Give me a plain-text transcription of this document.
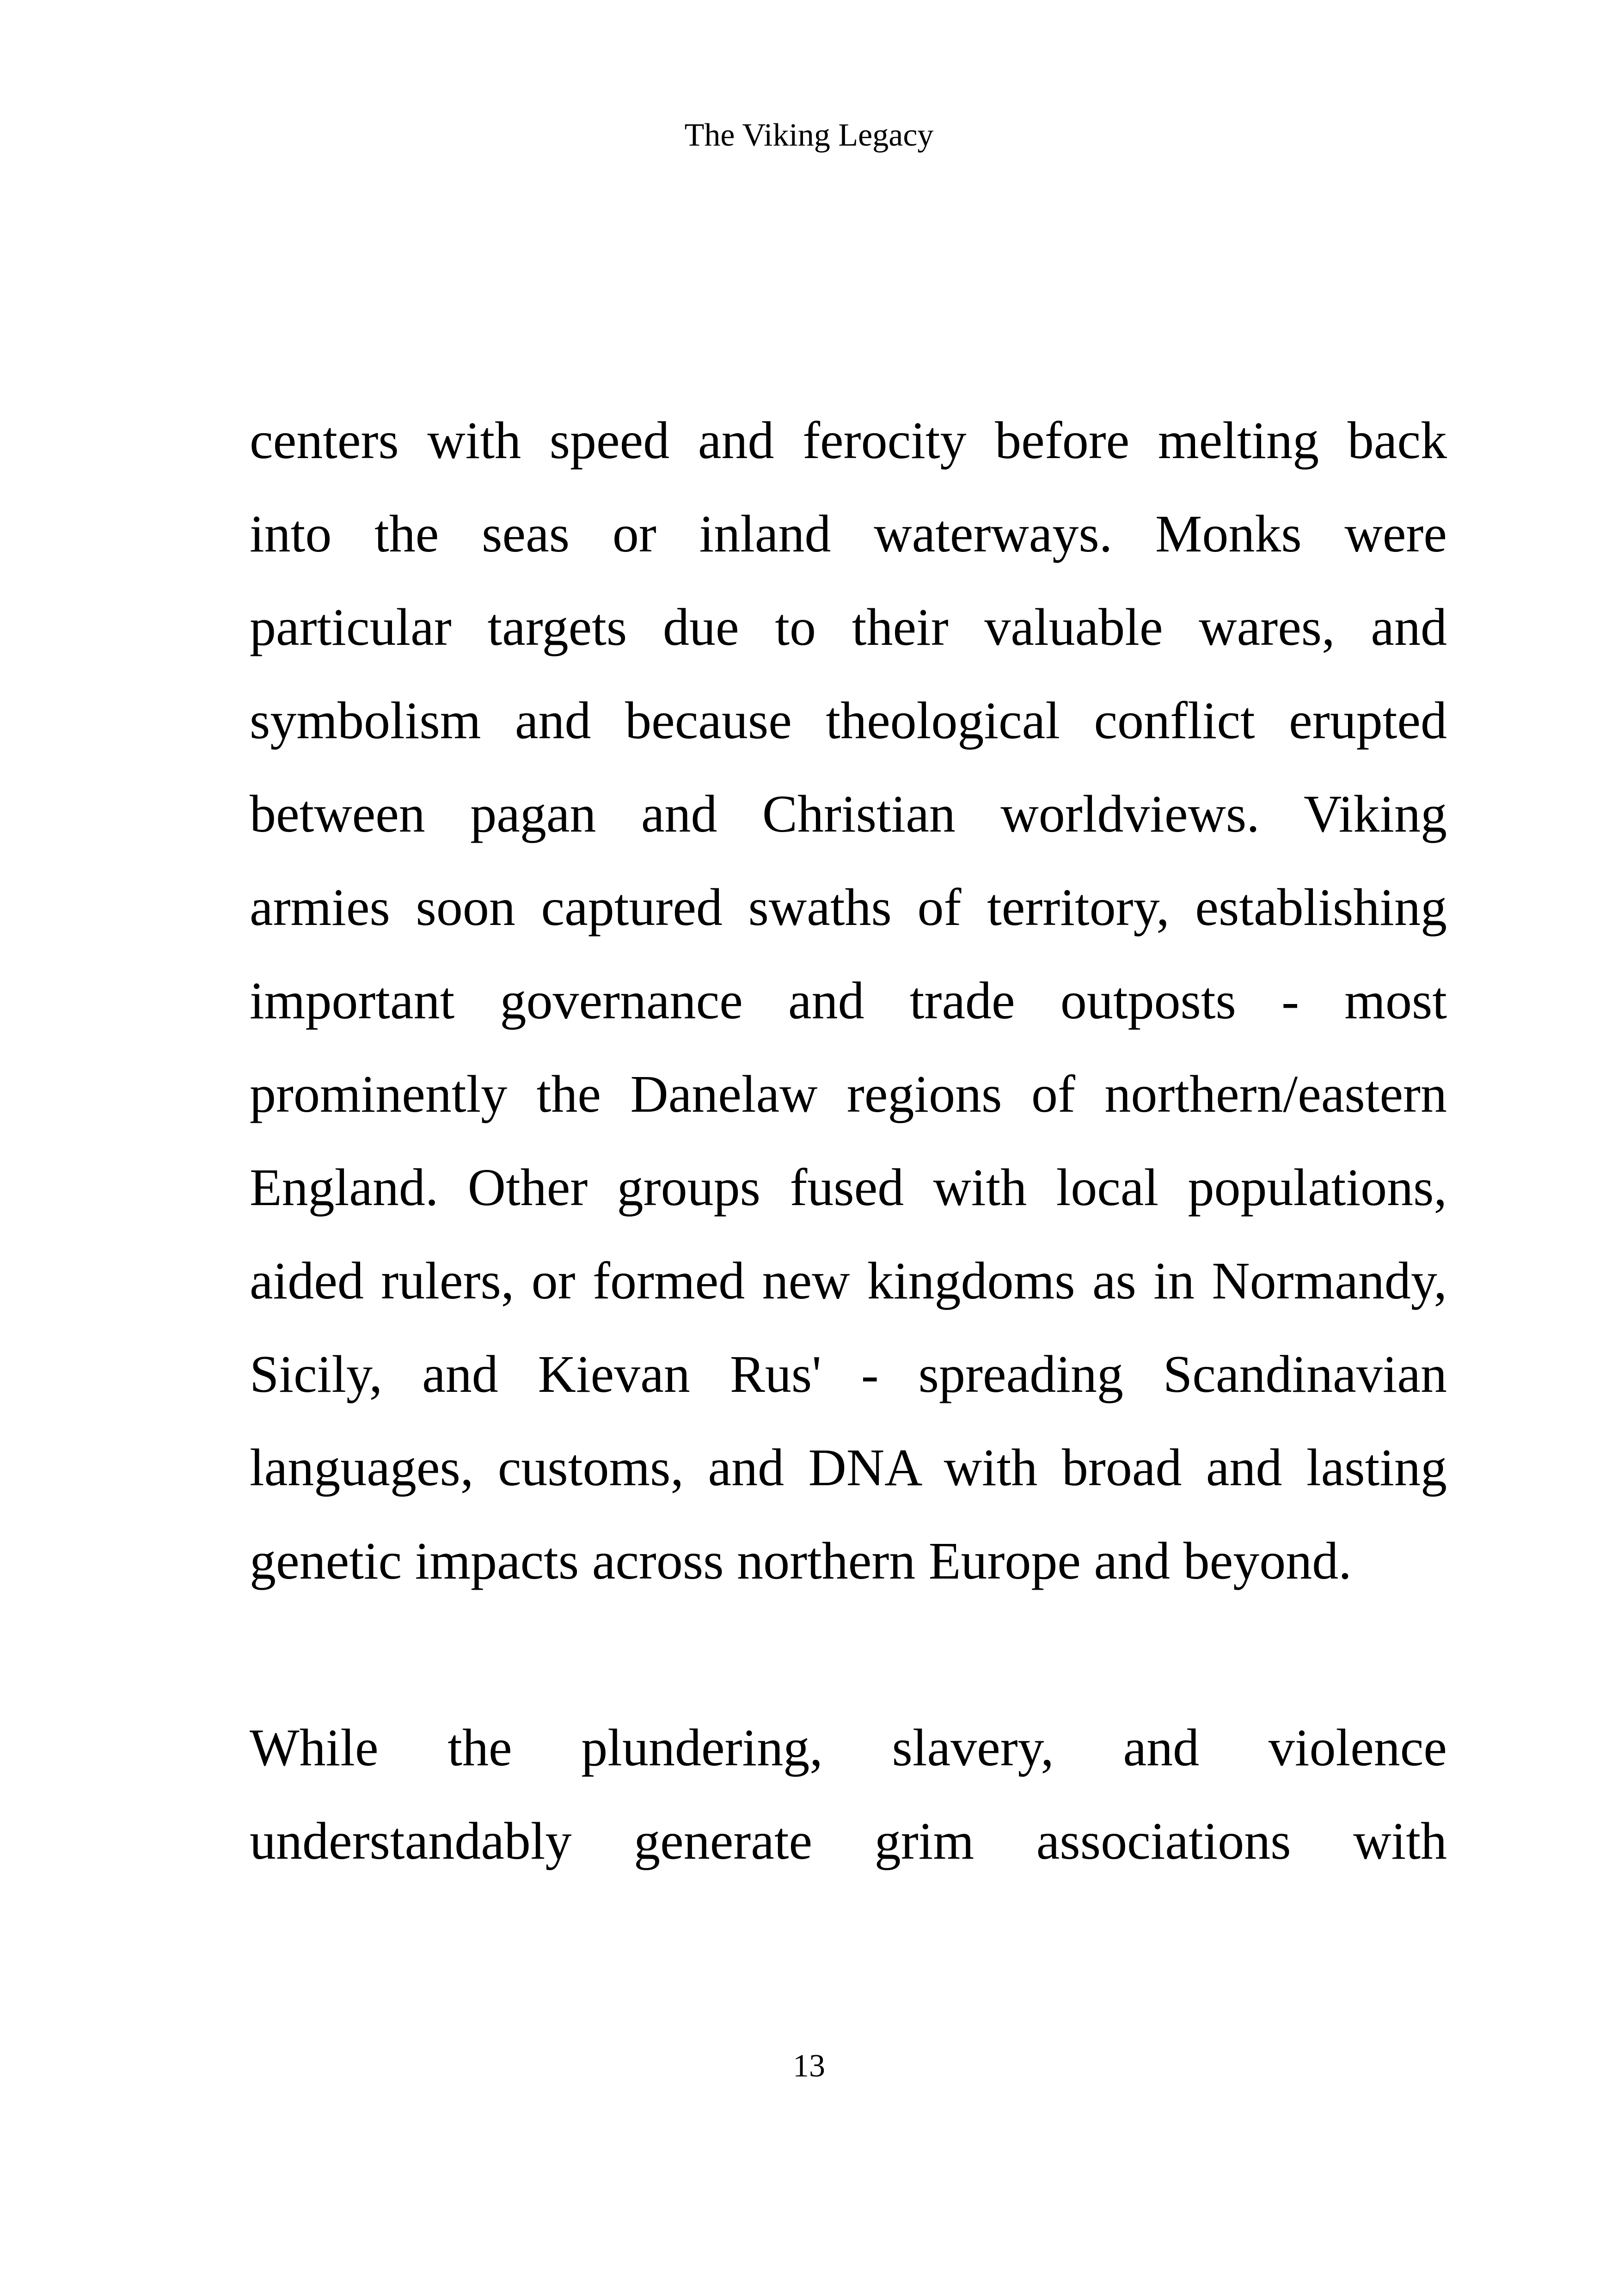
The Viking Legacy
centers with speed and ferocity before melting back
into the seas or inland waterways. Monks were
particular targets due to their valuable wares, and
symbolism and because theological conflict erupted
between pagan and Christian worldviews. Viking
armies soon captured swaths of territory, establishing
important governance and trade outposts - most
prominently the Danelaw regions of northern/eastern
England. Other groups fused with local populations,
aided rulers, or formed new kingdoms as in Normandy,
Sicily, and Kievan Rus' - spreading Scandinavian
languages, customs, and DNA with broad and lasting
genetic impacts across northern Europe and beyond.
While the plundering, slavery, and violence
understandably generate grim associations with
13
